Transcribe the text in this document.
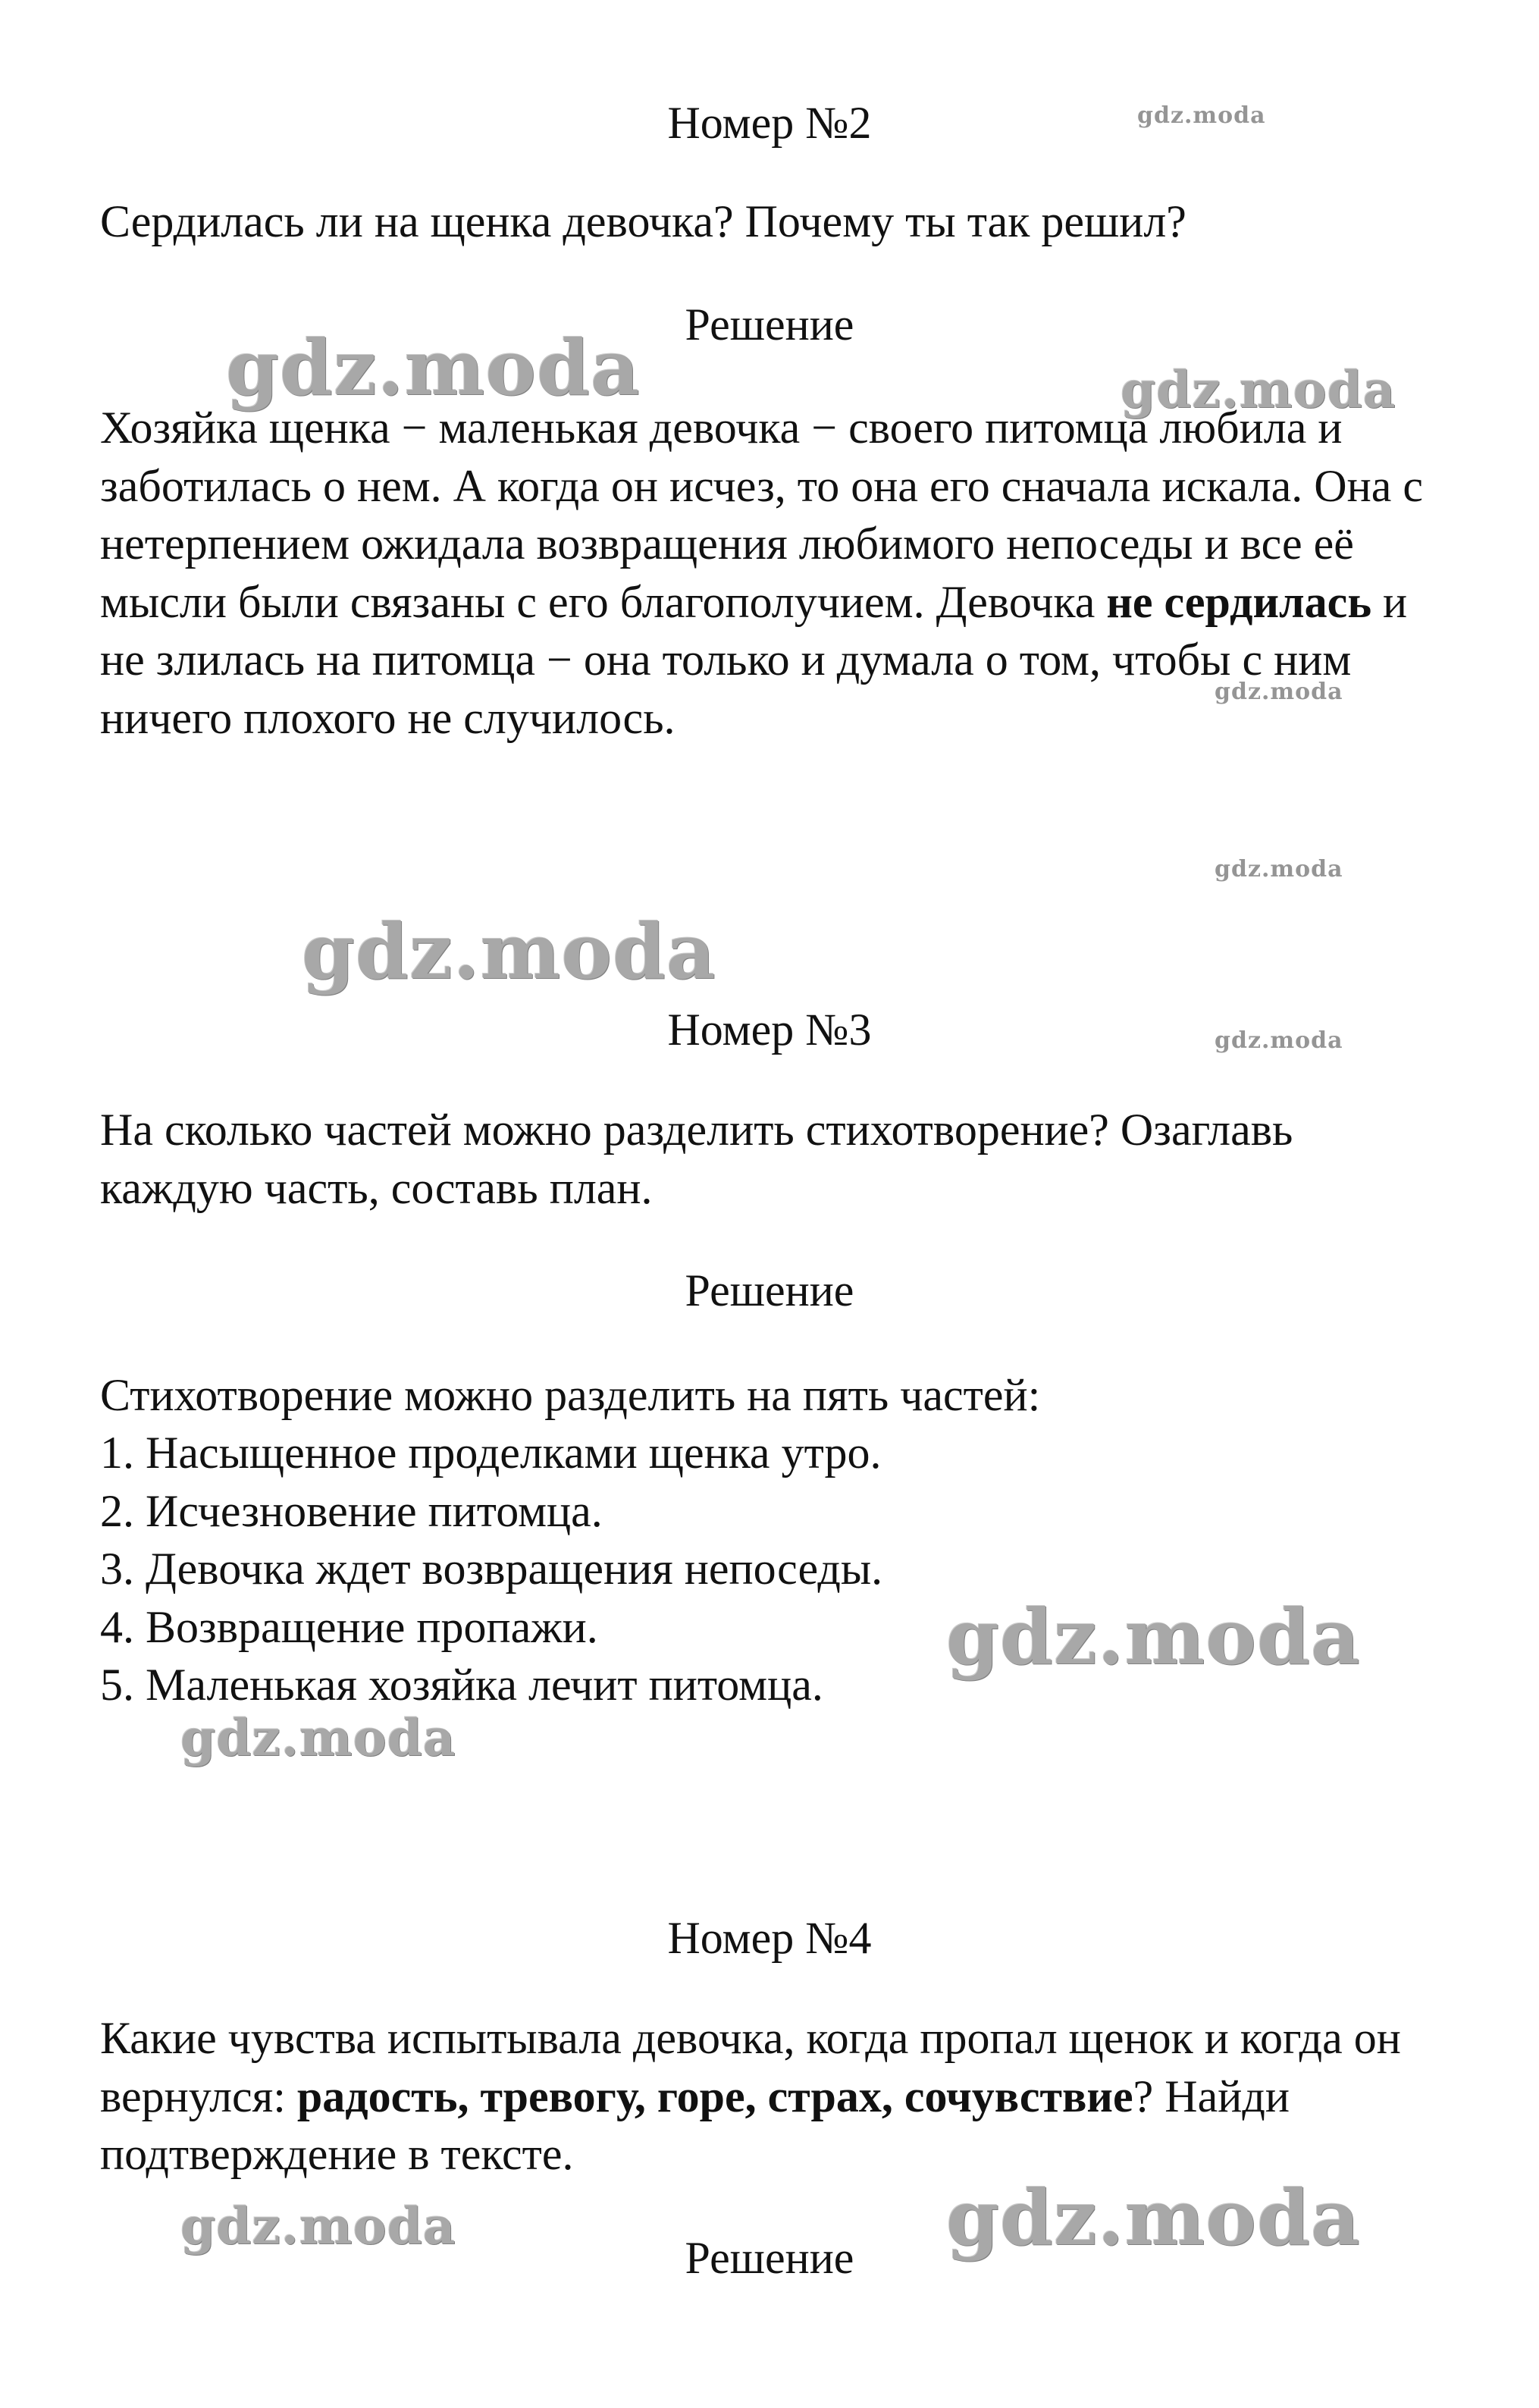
Номер №2

Сердилась ли на щенка девочка? Почему ты так решил?

Решение

Хозяйка щенка − маленькая девочка − своего питомца любила и заботилась о нем. А когда он исчез, то она его сначала искала. Она с нетерпением ожидала возвращения любимого непоседы и все её мысли были связаны с его благополучием. Девочка не сердилась и не злилась на питомца − она только и думала о том, чтобы с ним ничего плохого не случилось.

Номер №3

На сколько частей можно разделить стихотворение? Озаглавь каждую часть, составь план.

Решение

Стихотворение можно разделить на пять частей:

1. Насыщенное проделками щенка утро.
2. Исчезновение питомца.
3. Девочка ждет возвращения непоседы.
4. Возвращение пропажи.
5. Маленькая хозяйка лечит питомца.
Номер №4

Какие чувства испытывала девочка, когда пропал щенок и когда он вернулся: радость, тревогу, горе, страх, сочувствие? Найди подтверждение в тексте.

Решение
gdz.moda
gdz.moda	gdz.moda
gdz.moda
gdz.moda
gdz.moda
gdz.moda
gdz.moda
gdz.moda
gdz.moda	gdz.moda
